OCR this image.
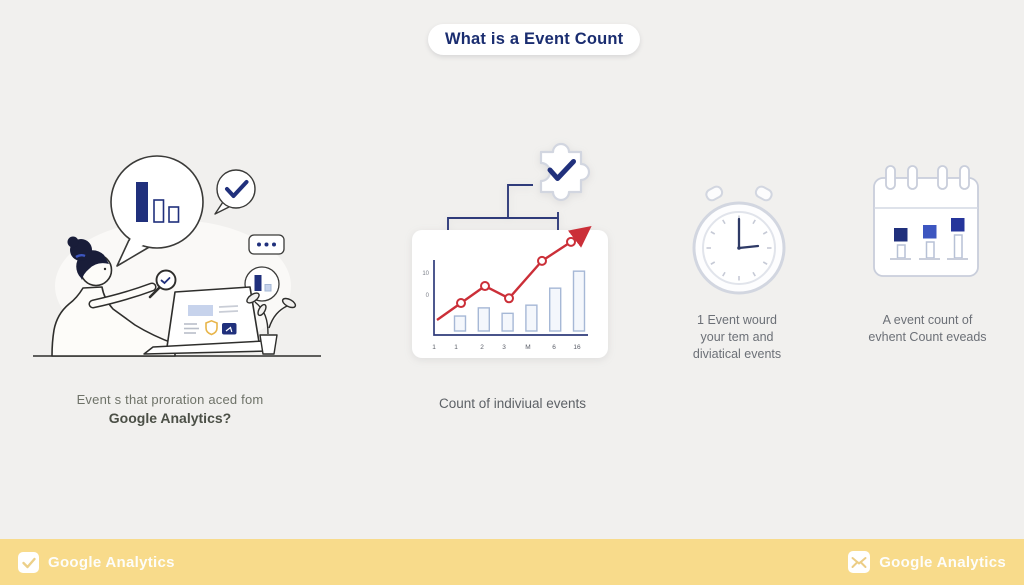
What is a Event Count
10
0
1	1	2	3	M	6	16
Event s that proration aced fom
Google Analytics?
Count of indiviual events
1 Event wourd
your tem and
diviatical events
A event count of
evhent Count eveads
Google Analytics	Google Analytics
